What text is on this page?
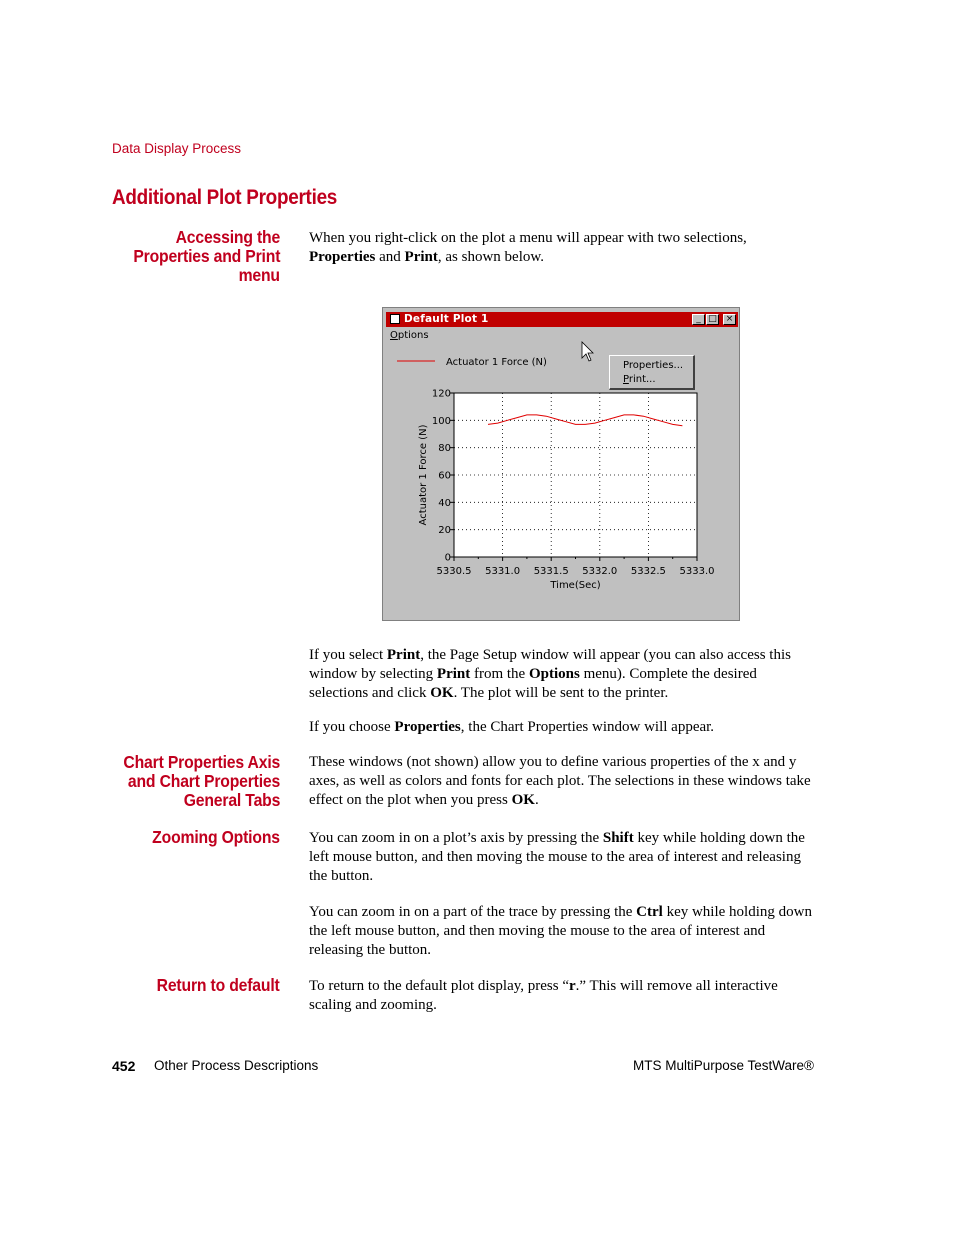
Data Display Process
Additional Plot Properties
Accessing the
Properties and Print
menu
Chart Properties Axis
and Chart Properties
General Tabs
Zooming Options
Return to default
When you right-click on the plot a menu will appear with two selections,
Properties and Print, as shown below.
If you select Print, the Page Setup window will appear (you can also access this window by selecting Print from the Options menu). Complete the desired selections and click OK. The plot will be sent to the printer.
If you choose Properties, the Chart Properties window will appear.
These windows (not shown) allow you to define various properties of the x and y axes, as well as colors and fonts for each plot. The selections in these windows take effect on the plot when you press OK.
You can zoom in on a plot’s axis by pressing the Shift key while holding down the left mouse button, and then moving the mouse to the area of interest and releasing the button.
You can zoom in on a part of the trace by pressing the Ctrl key while holding down the left mouse button, and then moving the mouse to the area of interest and releasing the button.
To return to the default plot display, press “r.” This will remove all interactive scaling and zooming.
Default Plot 1	_ □ ×
Options
120
100
80
60
40
20
0
5330.5 5331.0 5331.5 5332.0 5332.5 5333.0
Time(Sec)
Actuator 1 Force (N)
Actuator 1 Force (N)	Properties...
Print...
452 Other Process Descriptions	MTS MultiPurpose TestWare®
